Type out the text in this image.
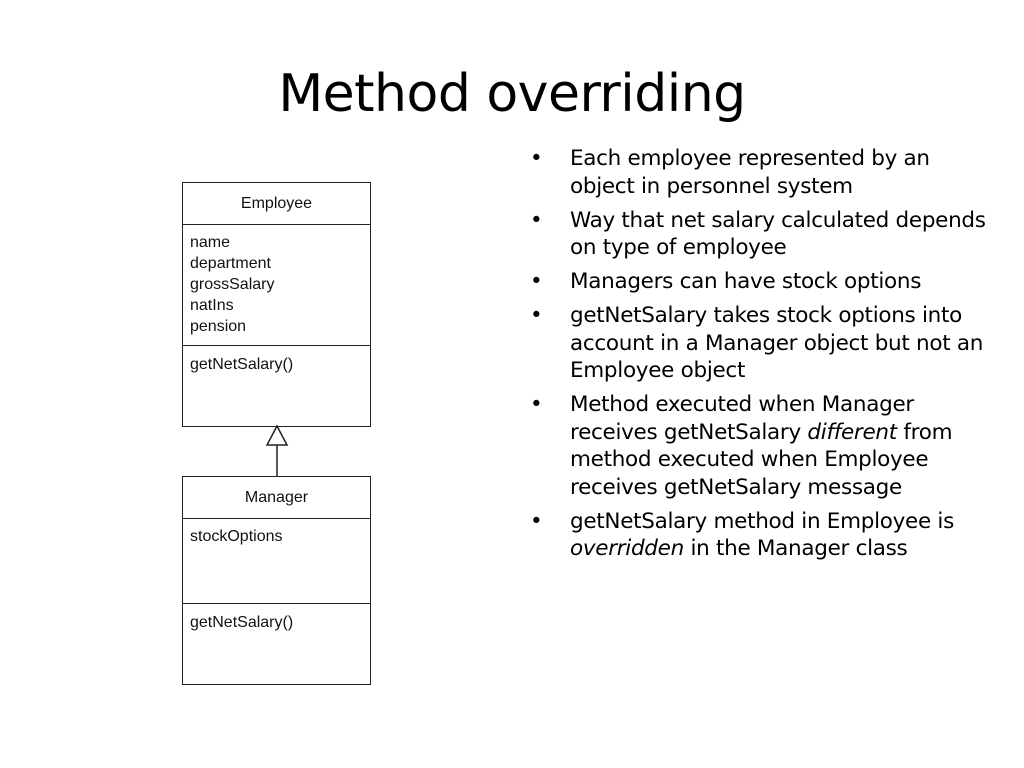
Method overriding
Employee
name
department
grossSalary
natIns
pension
getNetSalary()
Manager
stockOptions
getNetSalary()
•	Each employee represented by an object in personnel system
•	Way that net salary calculated depends on type of employee
•	Managers can have stock options
•	getNetSalary takes stock options into account in a Manager object but not an Employee object
•	Method executed when Manager receives getNetSalary different from method executed when Employee receives getNetSalary message
•	getNetSalary method in Employee is overridden in the Manager class
